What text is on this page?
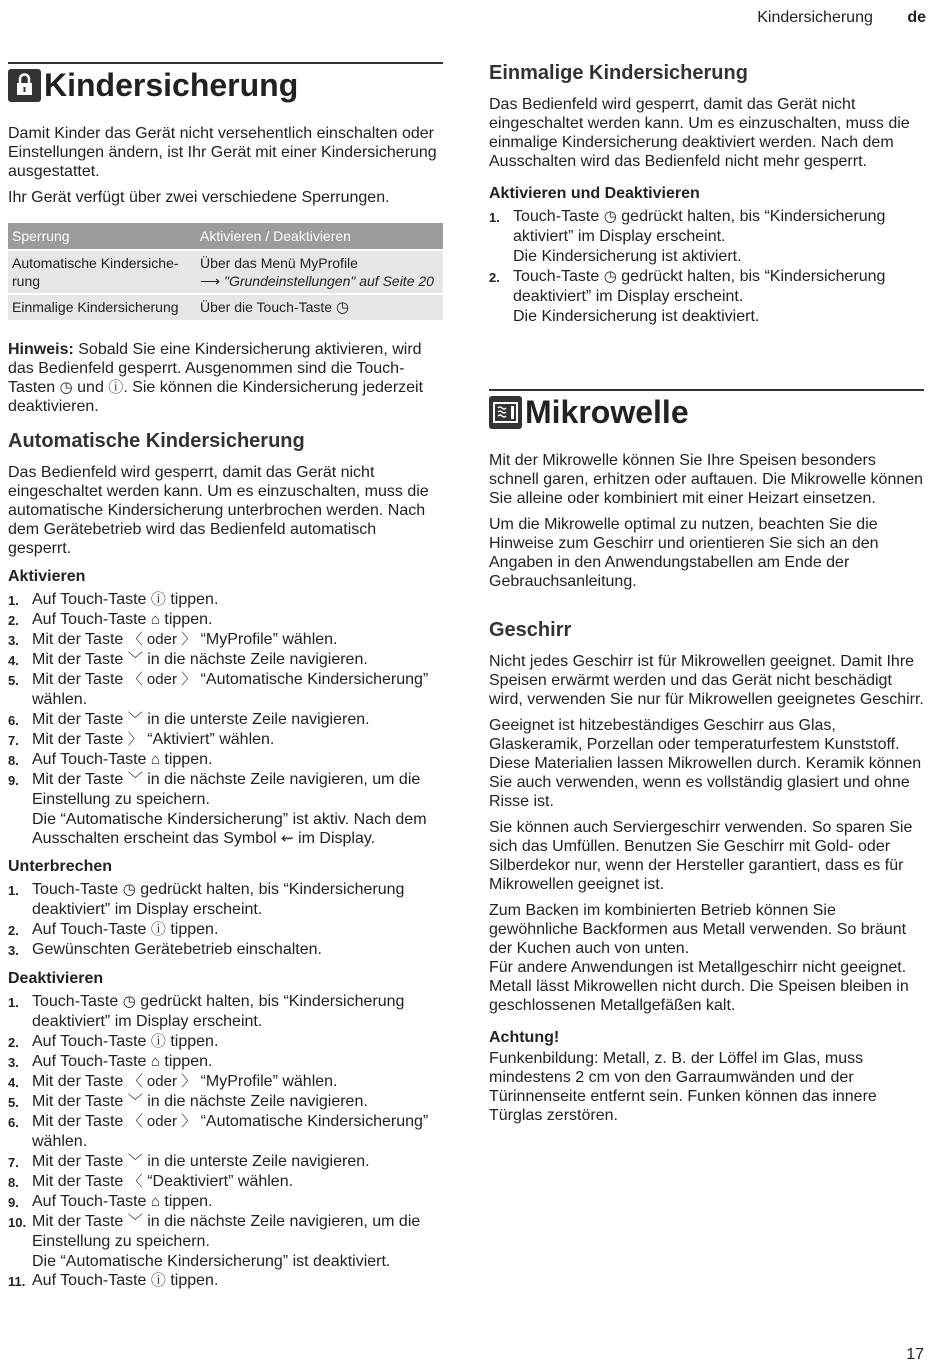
Kindersicherung de
Kindersicherung

Damit Kinder das Gerät nicht versehentlich einschalten oder Einstellungen ändern, ist Ihr Gerät mit einer Kindersicherung ausgestattet.

Ihr Gerät verfügt über zwei verschiedene Sperrungen.

Sperrung	Aktivieren / Deaktivieren
Automatische Kindersiche-rung	Über das Menü MyProfile
⟶ "Grundeinstellungen" auf Seite 20
Einmalige Kindersicherung	Über die Touch-Taste ◷

Hinweis: Sobald Sie eine Kindersicherung aktivieren, wird das Bedienfeld gesperrt. Ausgenommen sind die Touch-Tasten ◷ und ⓘ. Sie können die Kindersicherung jederzeit deaktivieren.

Automatische Kindersicherung

Das Bedienfeld wird gesperrt, damit das Gerät nicht eingeschaltet werden kann. Um es einzuschalten, muss die automatische Kindersicherung unterbrochen werden. Nach dem Gerätebetrieb wird das Bedienfeld automatisch gesperrt.

Aktivieren
1. Auf Touch-Taste ⓘ tippen.
2. Auf Touch-Taste ⌂ tippen.
3. Mit der Taste 〈 oder 〉 “MyProfile” wählen.
4. Mit der Taste ﹀ in die nächste Zeile navigieren.
5. Mit der Taste 〈 oder 〉 “Automatische Kindersicherung” wählen.
6. Mit der Taste ﹀ in die unterste Zeile navigieren.
7. Mit der Taste 〉 “Aktiviert” wählen.
8. Auf Touch-Taste ⌂ tippen.
9. Mit der Taste ﹀ in die nächste Zeile navigieren, um die Einstellung zu speichern.

Die “Automatische Kindersicherung” ist aktiv. Nach dem Ausschalten erscheint das Symbol ⇜ im Display.

Unterbrechen
1. Touch-Taste ◷ gedrückt halten, bis “Kindersicherung deaktiviert” im Display erscheint.
2. Auf Touch-Taste ⓘ tippen.
3. Gewünschten Gerätebetrieb einschalten.
Deaktivieren
1. Touch-Taste ◷ gedrückt halten, bis “Kindersicherung deaktiviert” im Display erscheint.
2. Auf Touch-Taste ⓘ tippen.
3. Auf Touch-Taste ⌂ tippen.
4. Mit der Taste 〈 oder 〉 “MyProfile” wählen.
5. Mit der Taste ﹀ in die nächste Zeile navigieren.
6. Mit der Taste 〈 oder 〉 “Automatische Kindersicherung” wählen.
7. Mit der Taste ﹀ in die unterste Zeile navigieren.
8. Mit der Taste 〈 “Deaktiviert” wählen.
9. Auf Touch-Taste ⌂ tippen.
10. Mit der Taste ﹀ in die nächste Zeile navigieren, um die Einstellung zu speichern.

Die “Automatische Kindersicherung” ist deaktiviert.

11. Auf Touch-Taste ⓘ tippen.
Einmalige Kindersicherung

Das Bedienfeld wird gesperrt, damit das Gerät nicht eingeschaltet werden kann. Um es einzuschalten, muss die einmalige Kindersicherung deaktiviert werden. Nach dem Ausschalten wird das Bedienfeld nicht mehr gesperrt.

Aktivieren und Deaktivieren
1. Touch-Taste ◷ gedrückt halten, bis “Kindersicherung aktiviert” im Display erscheint.
Die Kindersicherung ist aktiviert.
2. Touch-Taste ◷ gedrückt halten, bis “Kindersicherung deaktiviert” im Display erscheint.
Die Kindersicherung ist deaktiviert.
Mikrowelle

Mit der Mikrowelle können Sie Ihre Speisen besonders schnell garen, erhitzen oder auftauen. Die Mikrowelle können Sie alleine oder kombiniert mit einer Heizart einsetzen.

Um die Mikrowelle optimal zu nutzen, beachten Sie die Hinweise zum Geschirr und orientieren Sie sich an den Angaben in den Anwendungstabellen am Ende der Gebrauchsanleitung.

Geschirr

Nicht jedes Geschirr ist für Mikrowellen geeignet. Damit Ihre Speisen erwärmt werden und das Gerät nicht beschädigt wird, verwenden Sie nur für Mikrowellen geeignetes Geschirr.

Geeignet ist hitzebeständiges Geschirr aus Glas, Glaskeramik, Porzellan oder temperaturfestem Kunststoff. Diese Materialien lassen Mikrowellen durch. Keramik können Sie auch verwenden, wenn es vollständig glasiert und ohne Risse ist.

Sie können auch Serviergeschirr verwenden. So sparen Sie sich das Umfüllen. Benutzen Sie Geschirr mit Gold- oder Silberdekor nur, wenn der Hersteller garantiert, dass es für Mikrowellen geeignet ist.

Zum Backen im kombinierten Betrieb können Sie gewöhnliche Backformen aus Metall verwenden. So bräunt der Kuchen auch von unten.

Für andere Anwendungen ist Metallgeschirr nicht geeignet. Metall lässt Mikrowellen nicht durch. Die Speisen bleiben in geschlossenen Metallgefäßen kalt.

Achtung!

Funkenbildung: Metall, z. B. der Löffel im Glas, muss mindestens 2 cm von den Garraumwänden und der Türinnenseite entfernt sein. Funken können das innere Türglas zerstören.

17
